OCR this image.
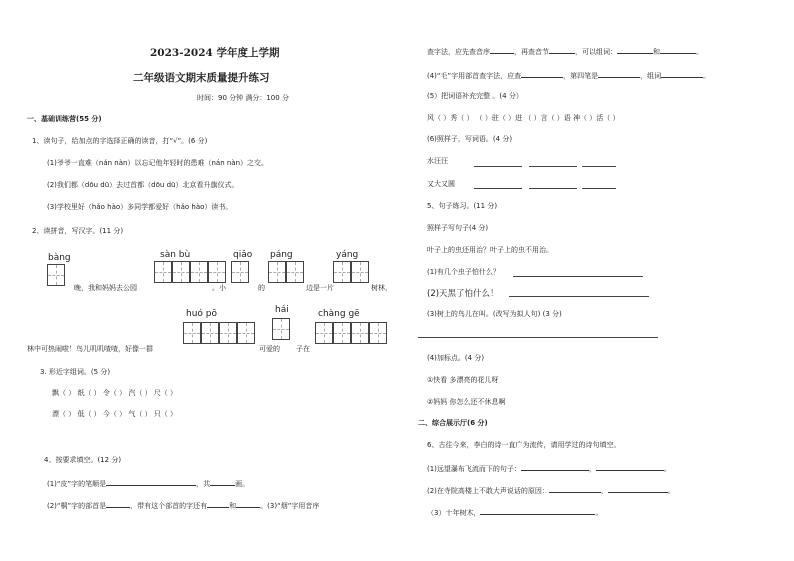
2023-2024 学年度上学期
二年级语文期末质量提升练习
时间：90 分钟 满分：100 分
一、基础训练营(55 分)
1、读句子，给加点的字选择正确的读音，打“√”。(6 分)
(1)爷爷一直难（nán nàn）以忘记他年轻时的患难（nán nàn）之交。
(2)我们都（dōu dū）去过首都（dōu dū）北京看升旗仪式。
(3)学校里好（hǎo hào）多同学都爱好（hǎo hào）读书。
2、读拼音，写汉字。(11 分)
bàng	sàn bù	qiǎo páng	yáng
晚，我和妈妈去公园	。小	的	边是一片	树林，
huó pō	hái	chàng gē
林中可热闹啦！鸟儿叽叽喳喳，好像一群	可爱的 子在
3. 形近字组词。(5 分)
飘（ ） 纸（ ） 令（ ） 汽（ ） 尺（ ）
漂（ ） 低（ ） 今（ ） 气（ ） 只（ ）
4、按要求填空。(12 分)
(1)“皮”字的笔顺是	，共	画。
(2)“桐”字的部首是	，带有这个部首的字还有	和	。(3)“烟”字用音序
查字法，应先查音序	，再查音节	，可以组词：	和	。
(4)“毛”字用部首查字法，应查	，第四笔是	，组词	。
(5）把词语补充完整 。(4 分）
风（ ）秀（ ） （ ）驻（ ）进 （ ）言（ ）语 神（ ）活（ ）
(6)照样子，写词语。(4 分)
水汪汪
又大又圆
5、句子练习。(11 分)
照样子写句子(4 分)
叶子上的虫还用治？叶子上的虫不用治。
(1)有几个虫子怕什么？
(2)天黑了怕什么！
(3)树上的鸟儿在叫。(改写为拟人句) (3 分)
(4)加标点。(4 分)
①快看 多漂亮的花儿呀
②妈妈 你怎么还不休息啊
二、综合展示厅(6 分)
6、古往今来，李白的诗一直广为流传，请用学过的诗句填空。
(1)远望瀑布飞流而下的句子：	，	。
(2)在寺院高楼上不敢大声说话的原因：	，	。
（3）十年树木，	。
